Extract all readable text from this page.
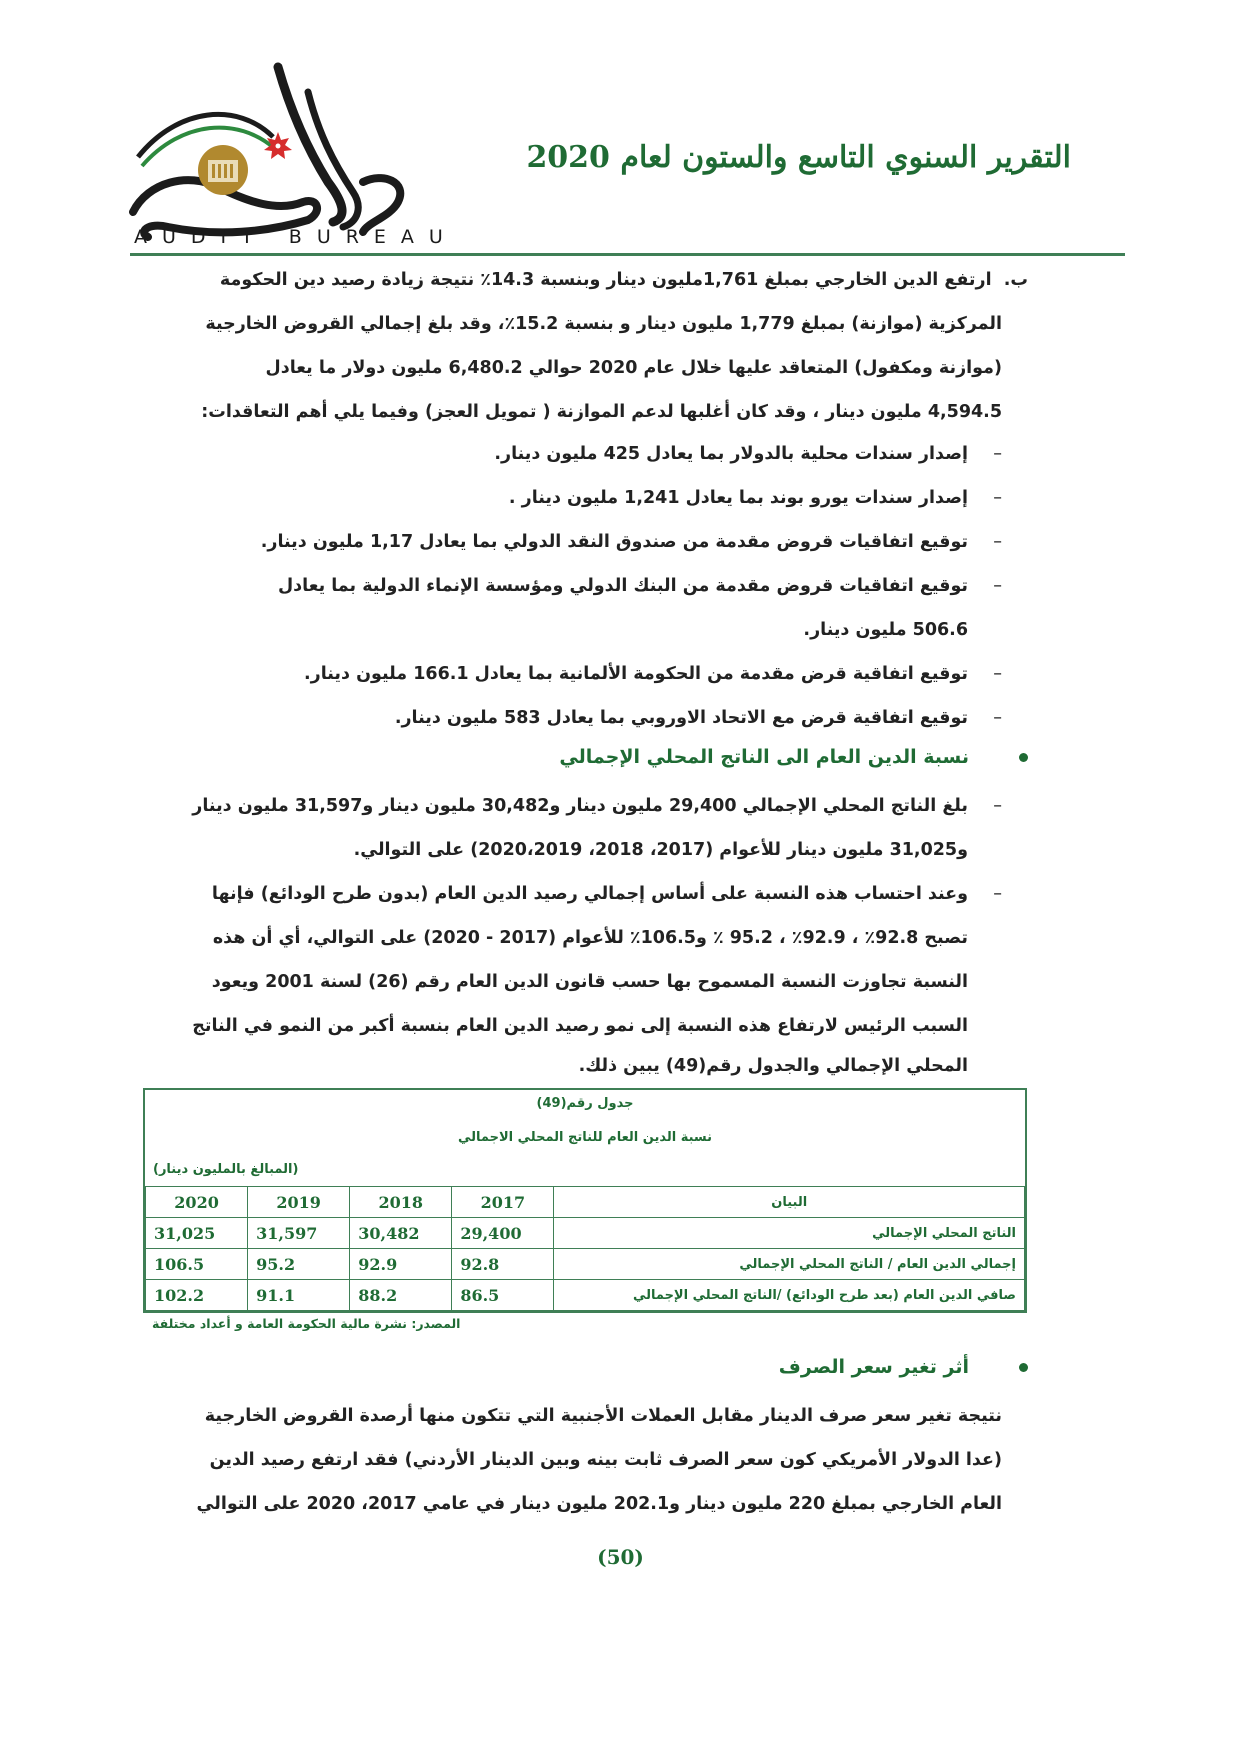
AUDIT BUREAU
التقرير السنوي التاسع والستون لعام 2020
ب.  ارتفع الدين الخارجي بمبلغ 1,761مليون دينار وبنسبة 14.3٪ نتيجة زيادة رصيد دين الحكومة
المركزية (موازنة) بمبلغ 1,779 مليون دينار و بنسبة 15.2٪، وقد بلغ إجمالي القروض الخارجية
(موازنة ومكفول) المتعاقد عليها خلال عام 2020 حوالي 6,480.2 مليون دولار ما يعادل
4,594.5 مليون دينار ، وقد كان أغلبها لدعم الموازنة ( تمويل العجز) وفيما يلي أهم التعاقدات:
–إصدار سندات محلية بالدولار بما يعادل 425 مليون دينار.
–إصدار سندات يورو بوند بما يعادل 1,241 مليون دينار .
–توقيع اتفاقيات قروض مقدمة من صندوق النقد الدولي بما يعادل 1,17 مليون دينار.
–توقيع اتفاقيات قروض مقدمة من البنك الدولي ومؤسسة الإنماء الدولية بما يعادل
506.6 مليون دينار.
–توقيع اتفاقية قرض مقدمة من الحكومة الألمانية بما يعادل 166.1 مليون دينار.
–توقيع اتفاقية قرض مع الاتحاد الاوروبي بما يعادل 583 مليون دينار.
نسبة الدين العام الى الناتج المحلي الإجمالي
–بلغ الناتج المحلي الإجمالي 29,400 مليون دينار و30,482 مليون دينار و31,597 مليون دينار
و31,025 مليون دينار للأعوام (2017، 2018، 2020،2019) على التوالي.
–وعند احتساب هذه النسبة على أساس إجمالي رصيد الدين العام (بدون طرح الودائع) فإنها
تصبح 92.8٪ ، 92.9٪ ، 95.2 ٪ و106.5٪ للأعوام (2017 - 2020) على التوالي، أي أن هذه
النسبة تجاوزت النسبة المسموح بها حسب قانون الدين العام رقم (26) لسنة 2001 ويعود
السبب الرئيس لارتفاع هذه النسبة إلى نمو رصيد الدين العام بنسبة أكبر من النمو في الناتج
المحلي الإجمالي والجدول رقم(49) يبين ذلك.
جدول رقم(49)
نسبة الدين العام للناتج المحلي الاجمالي
(المبالغ بالمليون دينار)
البيان	2017	2018	2019	2020
الناتج المحلي الإجمالي	29,400	30,482	31,597	31,025
إجمالي الدين العام / الناتج المحلي الإجمالي	92.8	92.9	95.2	106.5
صافي الدين العام (بعد طرح الودائع) /الناتج المحلي الإجمالي	86.5	88.2	91.1	102.2
المصدر: نشرة مالية الحكومة العامة و أعداد مختلفة
أثر تغير سعر الصرف
نتيجة تغير سعر صرف الدينار مقابل العملات الأجنبية التي تتكون منها أرصدة القروض الخارجية
(عدا الدولار الأمريكي كون سعر الصرف ثابت بينه وبين الدينار الأردني) فقد ارتفع رصيد الدين
العام الخارجي بمبلغ 220 مليون دينار و202.1 مليون دينار في عامي 2017، 2020 على التوالي
(50)
